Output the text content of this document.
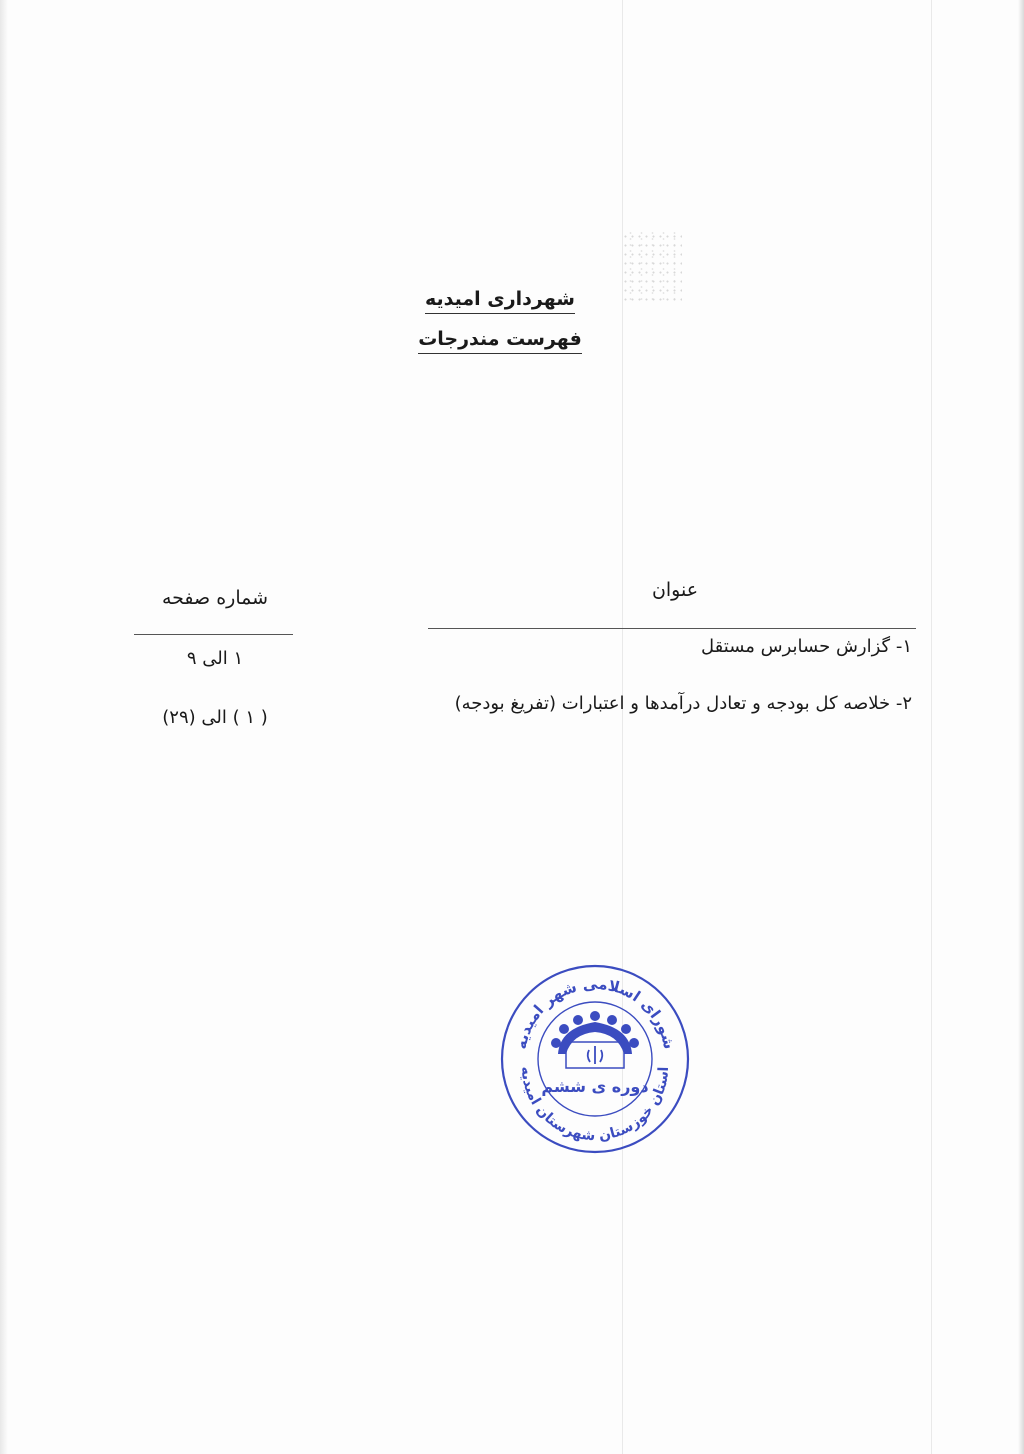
شهرداری امیدیه
فهرست مندرجات
عنوان
شماره صفحه
۱- گزارش حسابرس مستقل
۱ الی ۹
۲- خلاصه کل بودجه و تعادل درآمدها و اعتبارات (تفریغ بودجه)
( ۱ ) الی (۲۹)
شورای اسلامی شهر امیدیه
استان خوزستان شهرستان امیدیه
دوره ی ششم
